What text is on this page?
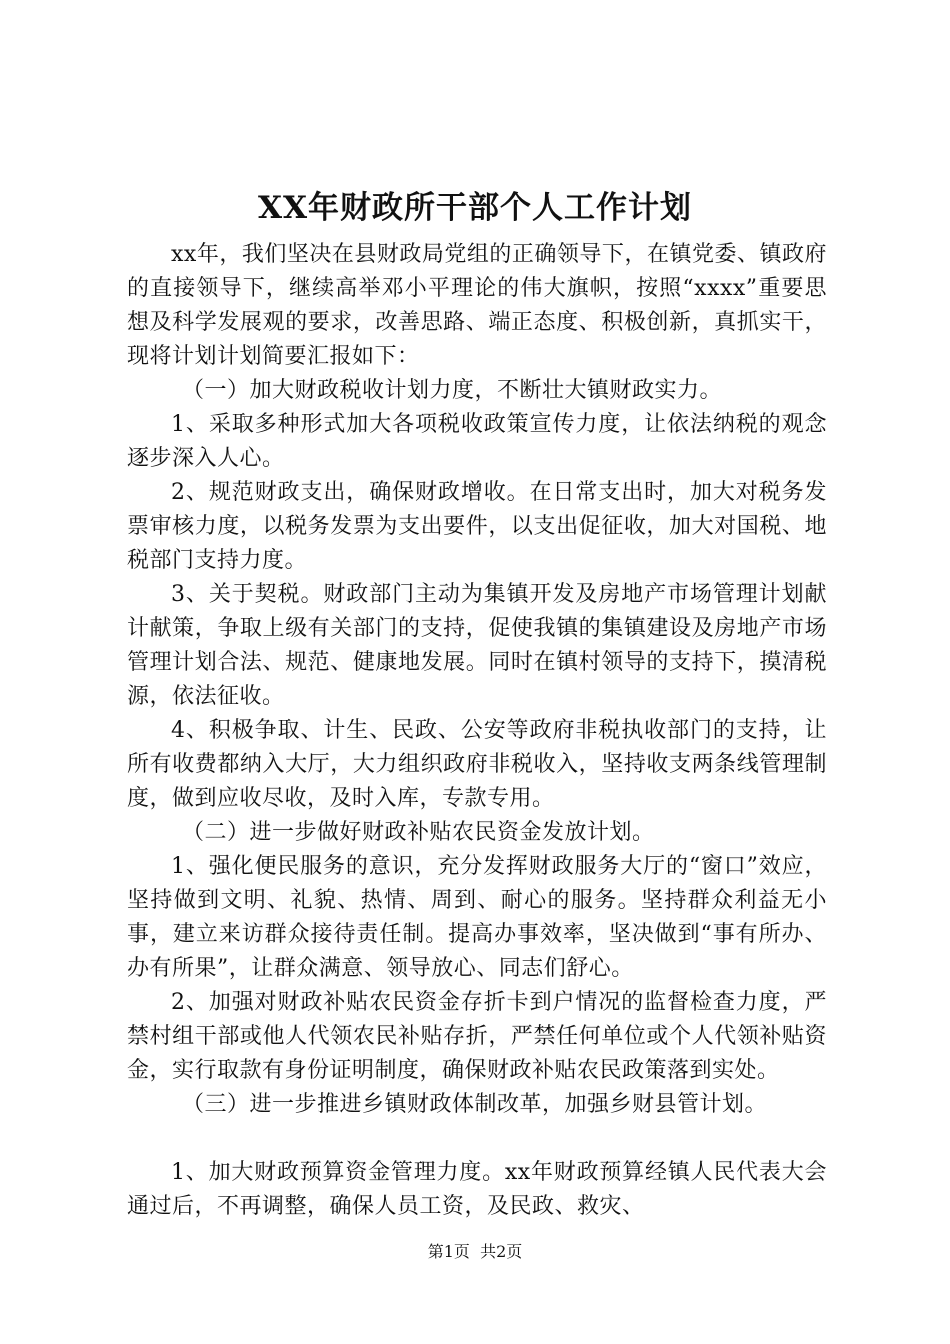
XX年财政所干部个人工作计划

xx年，我们坚决在县财政局党组的正确领导下，在镇党委、镇政府的直接领导下，继续高举邓小平理论的伟大旗帜，按照“xxxx”重要思想及科学发展观的要求，改善思路、端正态度、积极创新，真抓实干，现将计划计划简要汇报如下：

（一）加大财政税收计划力度，不断壮大镇财政实力。

1、采取多种形式加大各项税收政策宣传力度，让依法纳税的观念逐步深入人心。

2、规范财政支出，确保财政增收。在日常支出时，加大对税务发票审核力度，以税务发票为支出要件，以支出促征收，加大对国税、地税部门支持力度。

3、关于契税。财政部门主动为集镇开发及房地产市场管理计划献计献策，争取上级有关部门的支持，促使我镇的集镇建设及房地产市场管理计划合法、规范、健康地发展。同时在镇村领导的支持下，摸清税源，依法征收。

4、积极争取、计生、民政、公安等政府非税执收部门的支持，让所有收费都纳入大厅，大力组织政府非税收入，坚持收支两条线管理制度，做到应收尽收，及时入库，专款专用。

（二）进一步做好财政补贴农民资金发放计划。

1、强化便民服务的意识，充分发挥财政服务大厅的“窗口”效应，坚持做到文明、礼貌、热情、周到、耐心的服务。坚持群众利益无小事，建立来访群众接待责任制。提高办事效率，坚决做到“事有所办、办有所果”，让群众满意、领导放心、同志们舒心。

2、加强对财政补贴农民资金存折卡到户情况的监督检查力度，严禁村组干部或他人代领农民补贴存折，严禁任何单位或个人代领补贴资金，实行取款有身份证明制度，确保财政补贴农民政策落到实处。

（三）进一步推进乡镇财政体制改革，加强乡财县管计划。

1、加大财政预算资金管理力度。xx年财政预算经镇人民代表大会通过后，不再调整，确保人员工资，及民政、救灾、

第1页 共2页
